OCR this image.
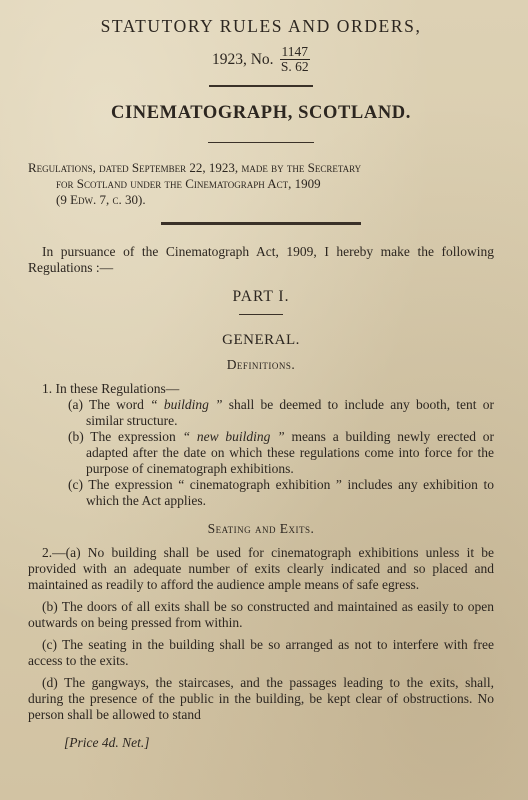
STATUTORY RULES AND ORDERS,
1923, No. $\frac{1147}{S. 62}$
CINEMATOGRAPH, SCOTLAND.

Regulations, dated September 22, 1923, made by the Secretary

for Scotland under the Cinematograph Act, 1909

(9 Edw. 7, c. 30).

In pursuance of the Cinematograph Act, 1909, I hereby make the following Regulations :—

PART I.
GENERAL.
Definitions.

1. In these Regulations—

(a) The word “ building ” shall be deemed to include any booth, tent or similar structure.

(b) The expression “ new building ” means a building newly erected or adapted after the date on which these regulations come into force for the purpose of cinematograph exhibitions.

(c) The expression “ cinematograph exhibition ” includes any exhibition to which the Act applies.

Seating and Exits.

2.—(a) No building shall be used for cinematograph exhibitions unless it be provided with an adequate number of exits clearly indicated and so placed and maintained as readily to afford the audience ample means of safe egress.

(b) The doors of all exits shall be so constructed and maintained as easily to open outwards on being pressed from within.

(c) The seating in the building shall be so arranged as not to interfere with free access to the exits.

(d) The gangways, the staircases, and the passages leading to the exits, shall, during the presence of the public in the building, be kept clear of obstructions. No person shall be allowed to stand

[Price 4d. Net.]
